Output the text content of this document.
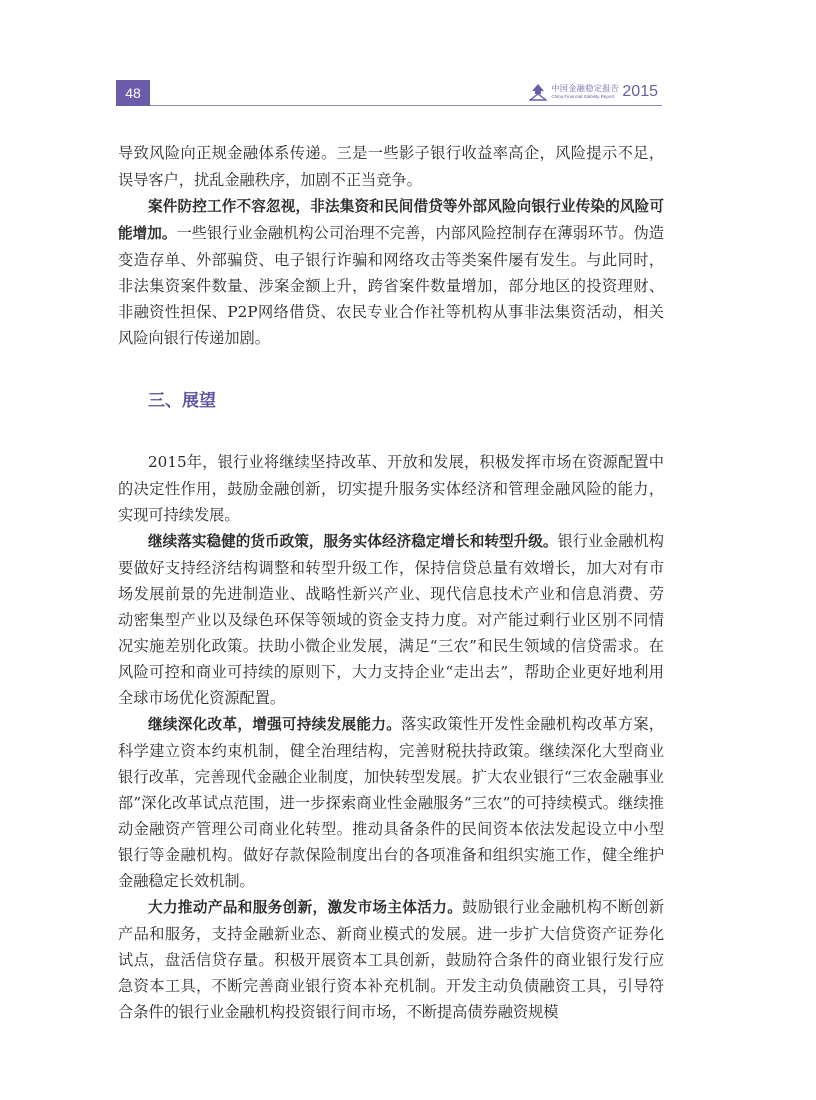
48	中国金融稳定报告
China Financial Stability Report 2015

导致风险向正规金融体系传递。三是一些影子银行收益率高企，风险提示不足，误导客户，扰乱金融秩序，加剧不正当竞争。

案件防控工作不容忽视，非法集资和民间借贷等外部风险向银行业传染的风险可能增加。一些银行业金融机构公司治理不完善，内部风险控制存在薄弱环节。伪造变造存单、外部骗贷、电子银行诈骗和网络攻击等类案件屡有发生。与此同时，非法集资案件数量、涉案金额上升，跨省案件数量增加，部分地区的投资理财、非融资性担保、P2P网络借贷、农民专业合作社等机构从事非法集资活动，相关风险向银行传递加剧。

三、展望

2015年，银行业将继续坚持改革、开放和发展，积极发挥市场在资源配置中的决定性作用，鼓励金融创新，切实提升服务实体经济和管理金融风险的能力，实现可持续发展。

继续落实稳健的货币政策，服务实体经济稳定增长和转型升级。银行业金融机构要做好支持经济结构调整和转型升级工作，保持信贷总量有效增长，加大对有市场发展前景的先进制造业、战略性新兴产业、现代信息技术产业和信息消费、劳动密集型产业以及绿色环保等领域的资金支持力度。对产能过剩行业区别不同情况实施差别化政策。扶助小微企业发展，满足“三农”和民生领域的信贷需求。在风险可控和商业可持续的原则下，大力支持企业“走出去”，帮助企业更好地利用全球市场优化资源配置。

继续深化改革，增强可持续发展能力。落实政策性开发性金融机构改革方案，科学建立资本约束机制，健全治理结构，完善财税扶持政策。继续深化大型商业银行改革，完善现代金融企业制度，加快转型发展。扩大农业银行“三农金融事业部”深化改革试点范围，进一步探索商业性金融服务“三农”的可持续模式。继续推动金融资产管理公司商业化转型。推动具备条件的民间资本依法发起设立中小型银行等金融机构。做好存款保险制度出台的各项准备和组织实施工作，健全维护金融稳定长效机制。

大力推动产品和服务创新，激发市场主体活力。鼓励银行业金融机构不断创新产品和服务，支持金融新业态、新商业模式的发展。进一步扩大信贷资产证券化试点，盘活信贷存量。积极开展资本工具创新，鼓励符合条件的商业银行发行应急资本工具，不断完善商业银行资本补充机制。开发主动负债融资工具，引导符合条件的银行业金融机构投资银行间市场，不断提高债券融资规模
